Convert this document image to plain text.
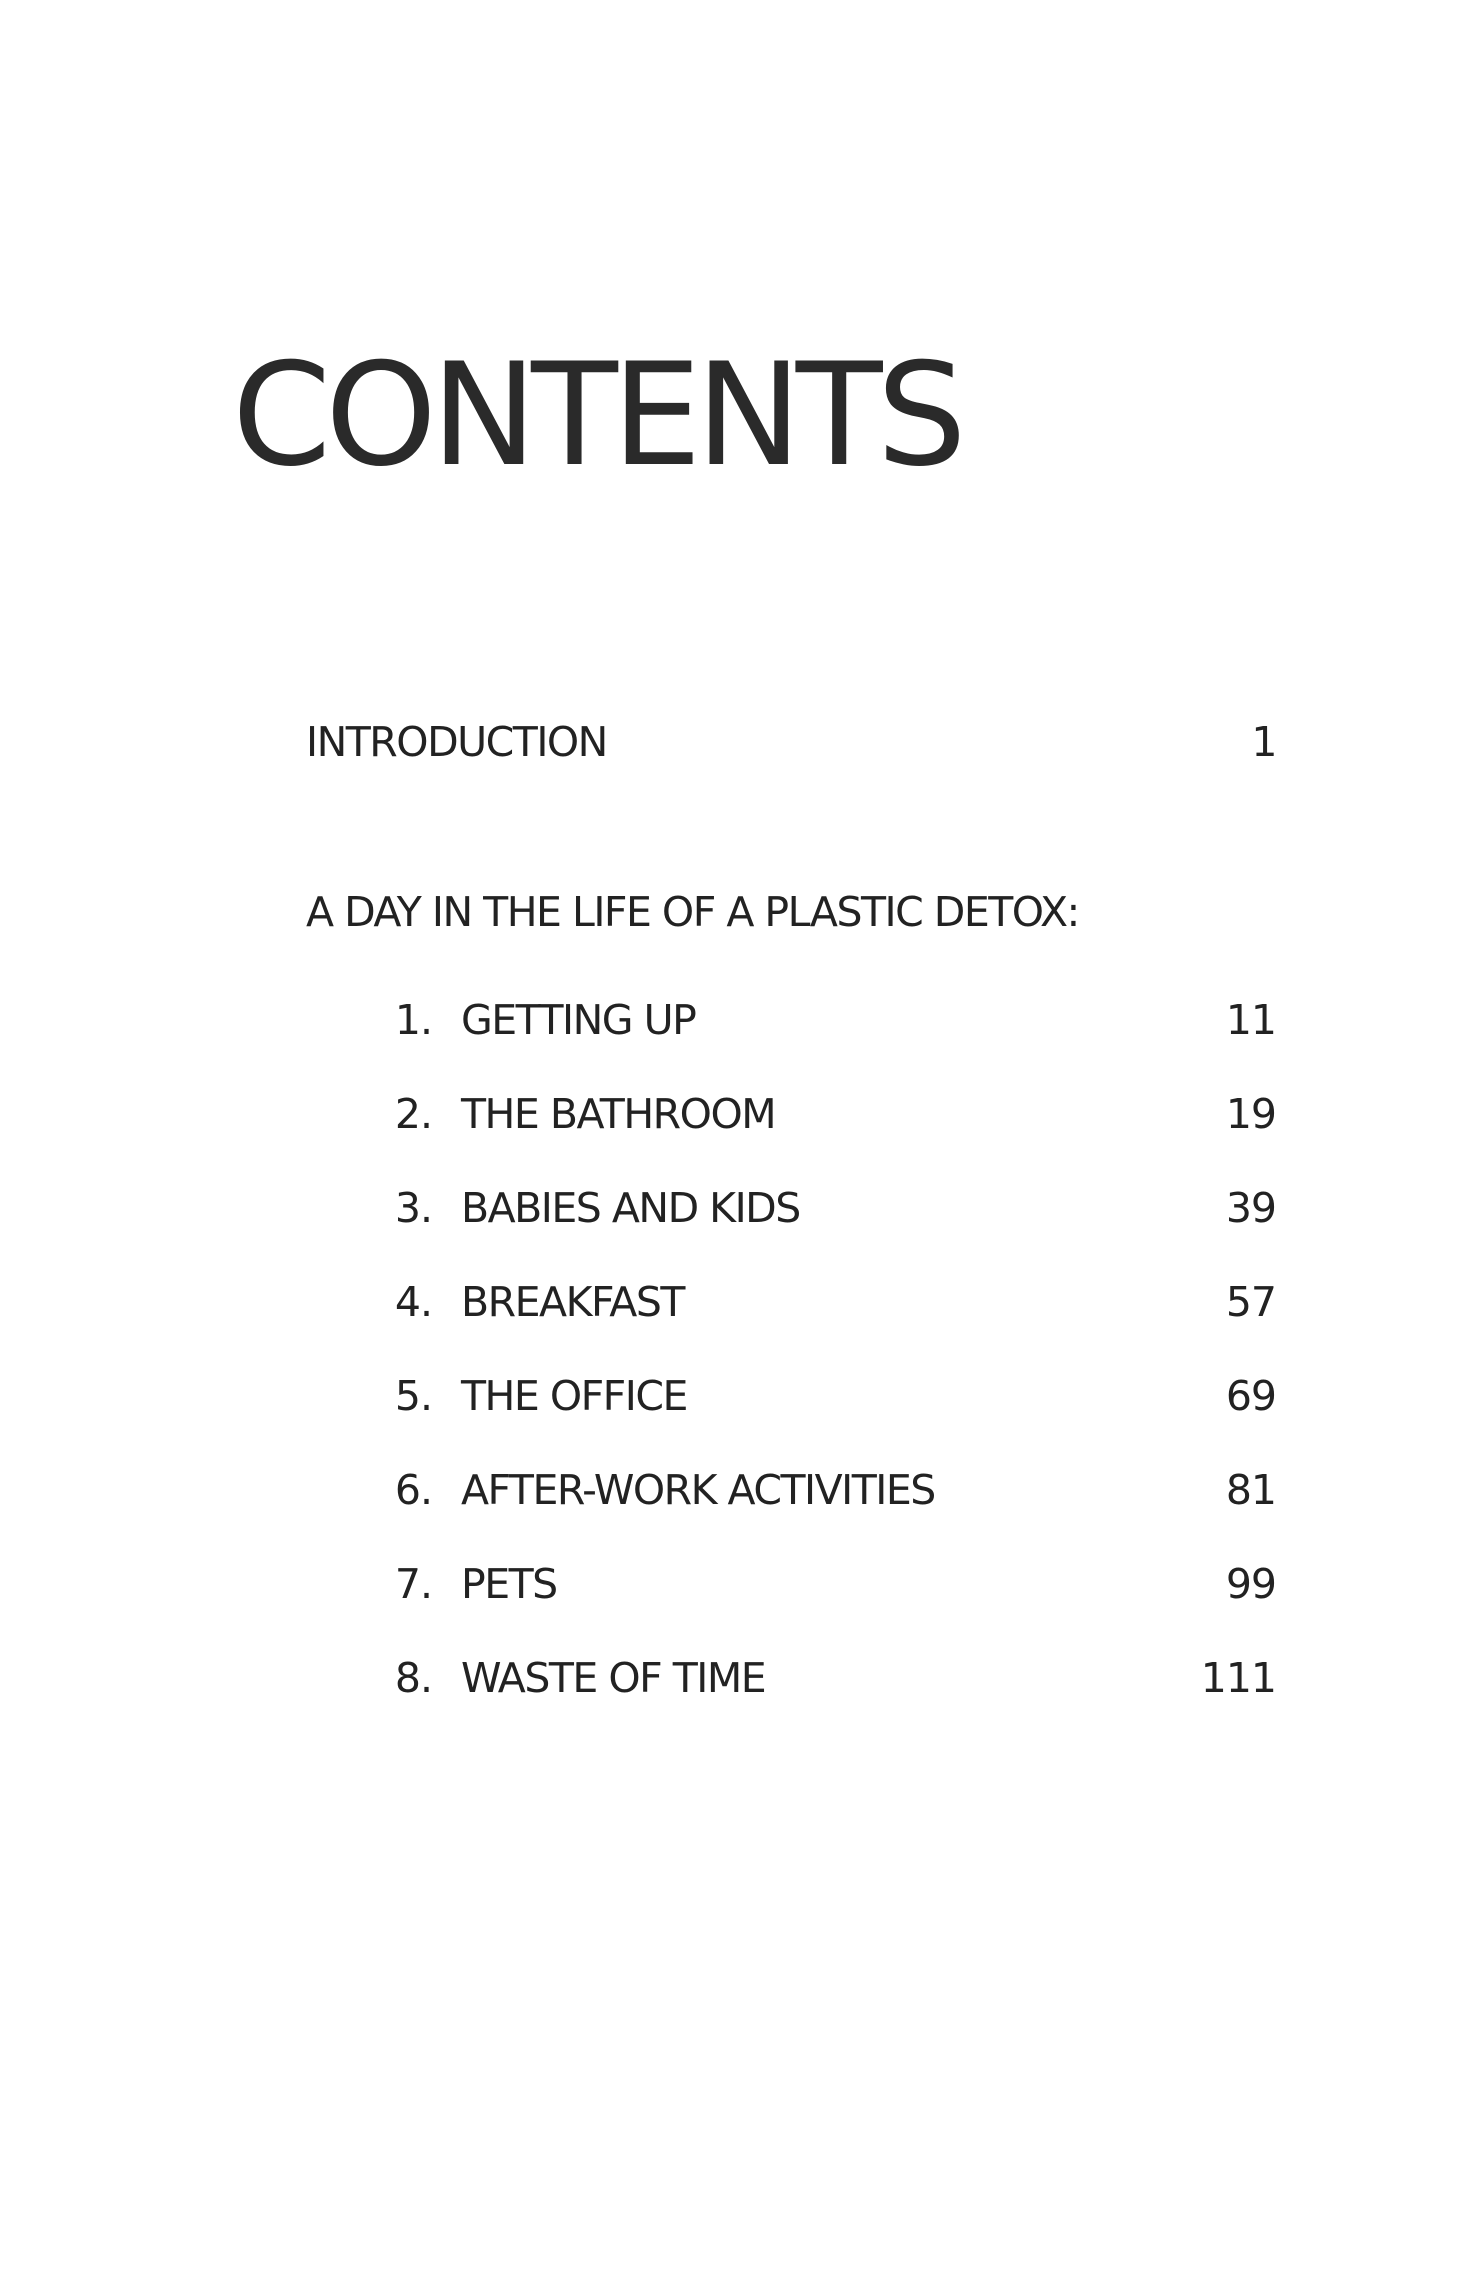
CONTENTS
INTRODUCTION	1
A DAY IN THE LIFE OF A PLASTIC DETOX:
1. GETTING UP	11
2. THE BATHROOM	19
3. BABIES AND KIDS	39
4. BREAKFAST	57
5. THE OFFICE	69
6. AFTER-WORK ACTIVITIES	81
7. PETS	99
8. WASTE OF TIME	111
